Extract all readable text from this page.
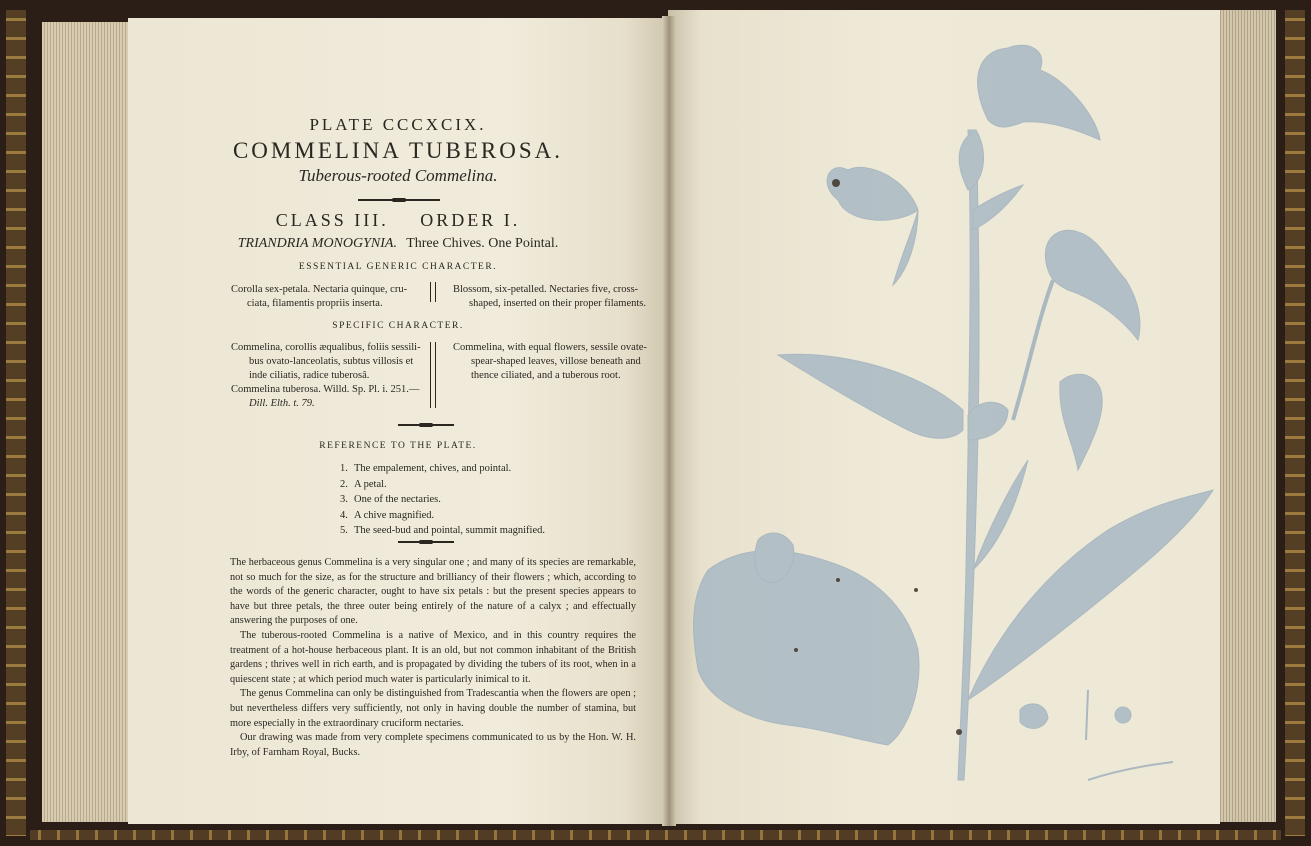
PLATE CCCXCIX.
COMMELINA TUBEROSA.
Tuberous-rooted Commelina.
CLASS III. ORDER I.
TRIANDRIA MONOGYNIA. Three Chives. One Pointal.
ESSENTIAL GENERIC CHARACTER.
Corolla sex-petala. Nectaria quinque, cru-
ciata, filamentis propriis inserta.
Blossom, six-petalled. Nectaries five, cross-
shaped, inserted on their proper filaments.
SPECIFIC CHARACTER.
Commelina, corollis æqualibus, foliis sessili-
bus ovato-lanceolatis, subtus villosis et
inde ciliatis, radice tuberosâ.
Commelina tuberosa. Willd. Sp. Pl. i. 251.—
Dill. Elth. t. 79.
Commelina, with equal flowers, sessile ovate-
spear-shaped leaves, villose beneath and
thence ciliated, and a tuberous root.
REFERENCE TO THE PLATE.
1. The empalement, chives, and pointal.
2. A petal.
3. One of the nectaries.
4. A chive magnified.
5. The seed-bud and pointal, summit magnified.

The herbaceous genus Commelina is a very singular one ; and many of its species are remarkable, not so much for the size, as for the structure and brilliancy of their flowers ; which, according to the words of the generic character, ought to have six petals : but the present species appears to have but three petals, the three outer being entirely of the nature of a calyx ; and effectually answering the purposes of one.

The tuberous-rooted Commelina is a native of Mexico, and in this country requires the treatment of a hot-house herbaceous plant. It is an old, but not common inhabitant of the British gardens ; thrives well in rich earth, and is propagated by dividing the tubers of its root, when in a quiescent state ; at which period much water is particularly inimical to it.

The genus Commelina can only be distinguished from Tradescantia when the flowers are open ; but nevertheless differs very sufficiently, not only in having double the number of stamina, but more especially in the extraordinary cruciform nectaries.

Our drawing was made from very complete specimens communicated to us by the Hon. W. H. Irby, of Farnham Royal, Bucks.
